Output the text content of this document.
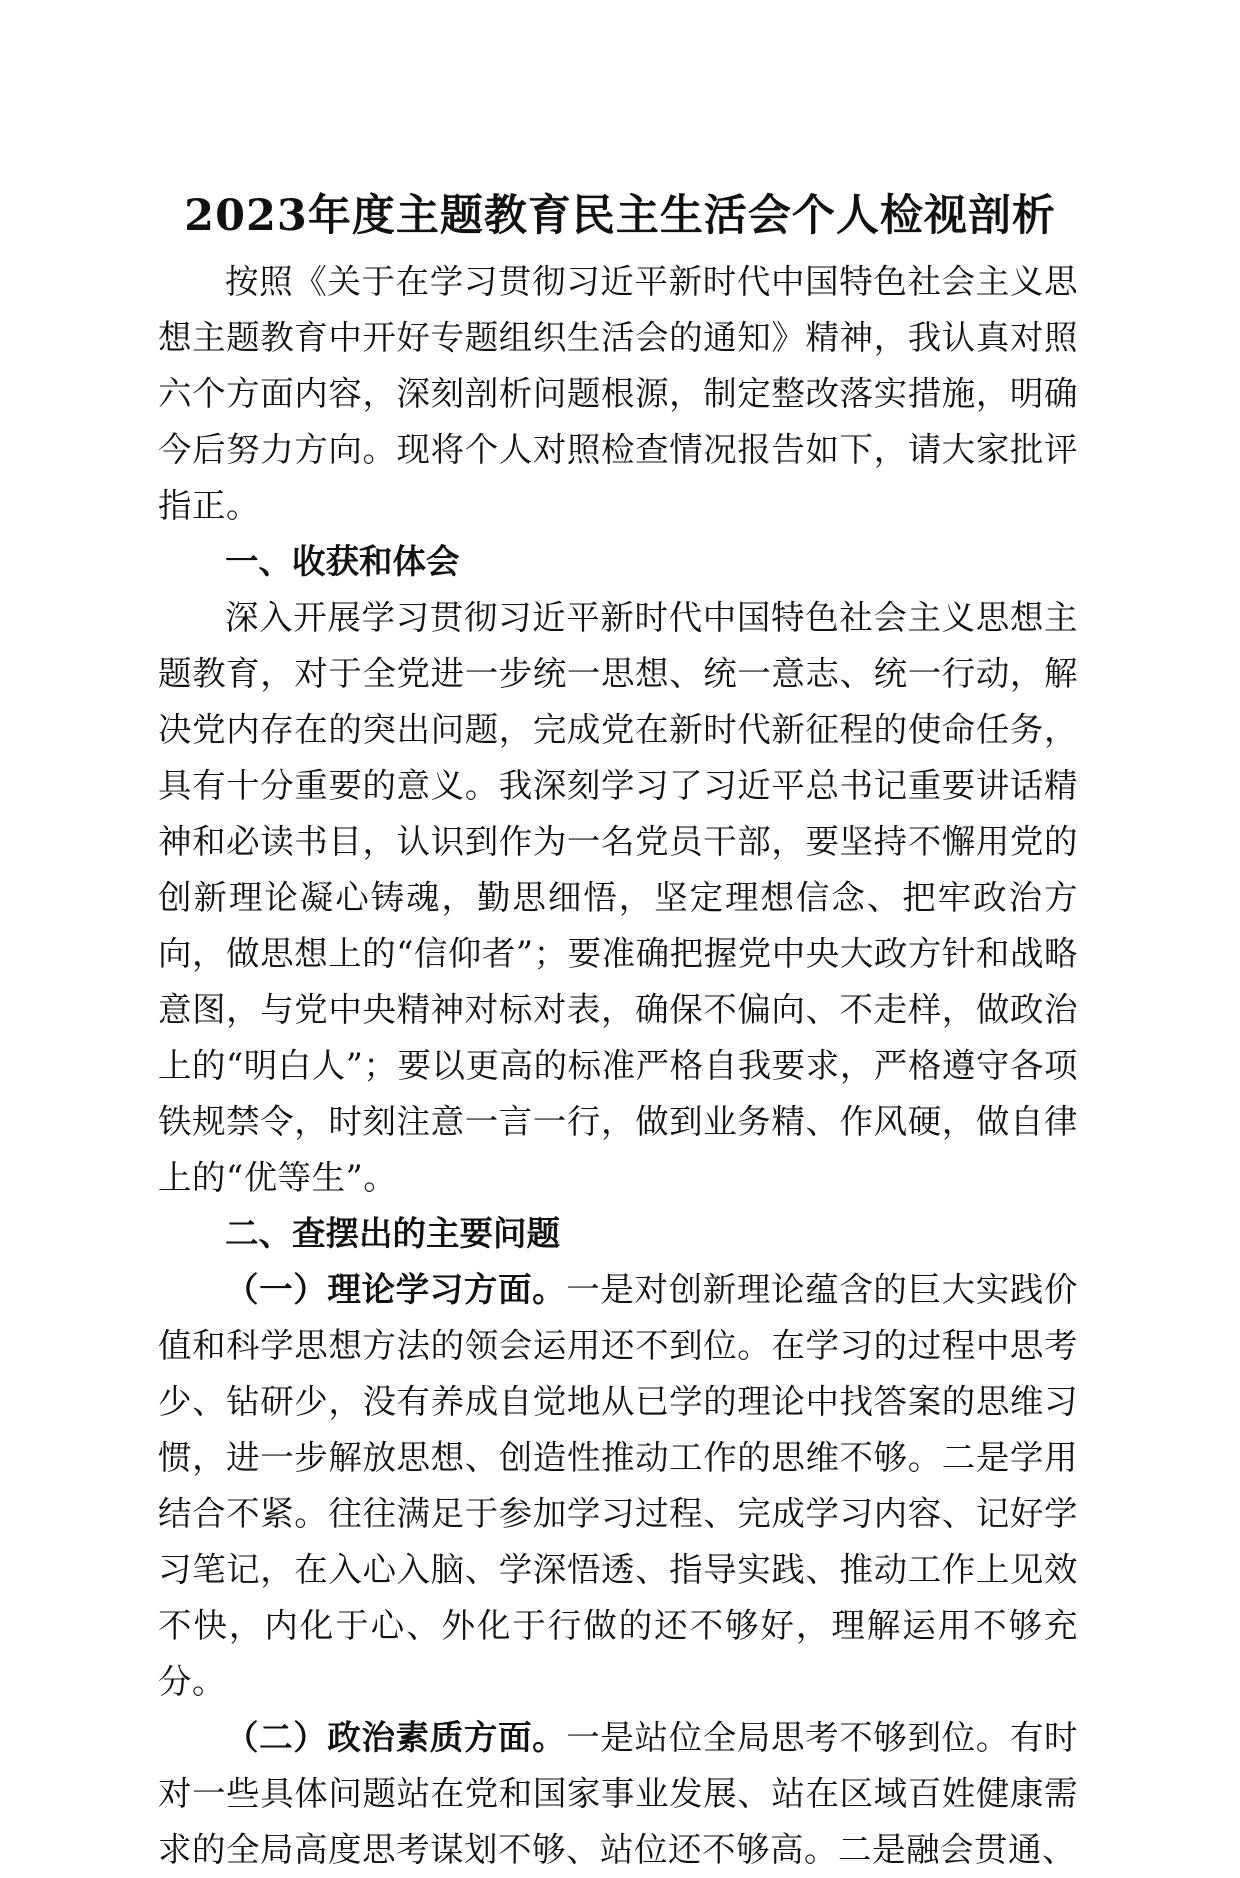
2023年度主题教育民主生活会个人检视剖析

按照《关于在学习贯彻习近平新时代中国特色社会主义思想主题教育中开好专题组织生活会的通知》精神，我认真对照六个方面内容，深刻剖析问题根源，制定整改落实措施，明确今后努力方向。现将个人对照检查情况报告如下，请大家批评指正。

一、收获和体会

深入开展学习贯彻习近平新时代中国特色社会主义思想主题教育，对于全党进一步统一思想、统一意志、统一行动，解决党内存在的突出问题，完成党在新时代新征程的使命任务，具有十分重要的意义。我深刻学习了习近平总书记重要讲话精神和必读书目，认识到作为一名党员干部，要坚持不懈用党的创新理论凝心铸魂，勤思细悟，坚定理想信念、把牢政治方向，做思想上的“信仰者”；要准确把握党中央大政方针和战略意图，与党中央精神对标对表，确保不偏向、不走样，做政治上的“明白人”；要以更高的标准严格自我要求，严格遵守各项铁规禁令，时刻注意一言一行，做到业务精、作风硬，做自律上的“优等生”。

二、查摆出的主要问题

（一）理论学习方面。一是对创新理论蕴含的巨大实践价值和科学思想方法的领会运用还不到位。在学习的过程中思考少、钻研少，没有养成自觉地从已学的理论中找答案的思维习惯，进一步解放思想、创造性推动工作的思维不够。二是学用结合不紧。往往满足于参加学习过程、完成学习内容、记好学习笔记，在入心入脑、学深悟透、指导实践、推动工作上见效不快，内化于心、外化于行做的还不够好，理解运用不够充分。

（二）政治素质方面。一是站位全局思考不够到位。有时对一些具体问题站在党和国家事业发展、站在区域百姓健康需求的全局高度思考谋划不够、站位还不够高。二是融会贯通、
